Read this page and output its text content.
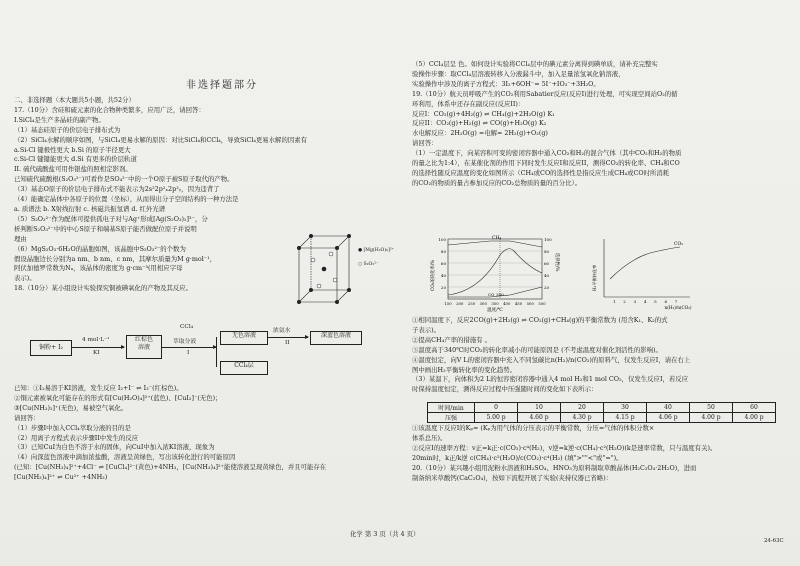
非选择题部分
二、非选择题（本大题共5小题，共52分）
17.（10分）含硅和硫元素的化合物种类繁多，应用广泛，请回答：
I.SiCl₄是生产多晶硅的副产物。
（1）基态硅原子的价层电子排布式为
（2）SiCl₄水解的顺序如图，与SiCl₄更易水解的原因：对比SiCl₄和CCl₄，导致SiCl₄更易水解的因素有
a.Si-Cl 键极性更大 b.Si 的原子半径更大
c.Si-Cl 键键能更大 d.Si 有更多的价层轨道
II. 硫代硫酸盐可用作银盐的照相定影剂。
已知硫代硫酸根(S₂O₃²⁻)可看作是SO₄²⁻中的一个O原子被S原子取代的产物。
（3）基态O原子的价层电子排布式不能表示为2s²2p²ₓ2p²ᵧ，因为违背了
（4）能确定晶体中各原子的位置（坐标），从而得出分子空间结构的一种方法是
a. 质谱法 b. X射线衍射 c. 核磁共振氢谱 d. 红外光谱
（5）S₂O₃²⁻作为配体可提供孤电子对与Ag⁺形成[Ag(S₂O₃)₂]³⁻，分
析判断S₂O₃²⁻中的中心S原子和端基S原子能否做配位原子并说明
理由
（6）MgS₂O₃·6H₂O的晶胞如图，该晶胞中S₂O₃²⁻的个数为
假设晶胞边长分别为a nm、b nm、c nm，其摩尔质量为M g·mol⁻¹，
阿伏加德罗常数为Nₐ，该晶体的密度为 g·cm⁻³(用相应字母
表示)。
18.（10分）某小组设计实验探究铜被碘氧化的产物及其反应。
● [Mg(H₂O)₆]²⁺
○ S₂O₃²⁻
铜粉+ I₂
4 mol·L⁻¹
KI
红棕色
溶液
CCl₄
萃取分液
I
无色溶液
CCl₄层
浓氨水
II
深蓝色溶液
已知：①I₂易溶于KI溶液，发生反应 I₂+I⁻ ⇌ I₃⁻(红棕色)。
②铜元素被氧化可能存在的形式有[Cu(H₂O)₄]²⁺(蓝色)、[CuI₂]⁻(无色)；
③[Cu(NH₃)₂]⁺(无色)，易被空气氧化。
请回答：
（1）步骤I中加入CCl₄萃取分液的目的是
（2）用离子方程式表示步骤II中发生的反应
（3）已知CuI为白色不溶于水的固体，向CuI中加入浓KI溶液，现象为
（4）向深蓝色溶液中滴加浓盐酸，溶液呈黄绿色，写出该转化进行的可能原因
(已知：[Cu(NH₃)₄]²⁺+4Cl⁻ ⇌ [CuCl₄]²⁻(黄色)+4NH₃，[Cu(NH₃)₄]²⁺能使溶液呈现黄绿色，并且可能存在
[Cu(NH₃)₄]²⁺ ⇌ Cu²⁺ +4NH₃)
（5）CCl₄层呈 色。如何设计实验将CCl₄层中的碘元素分离得到碘单质，请补充完整实
验操作步骤：取CCl₄层溶液转移入分液漏斗中，加入足量浓氢氧化钠溶液，
实验操作中涉及的离子方程式：3I₂+6OH⁻= 5I⁻+IO₃⁻+3H₂O。
19.（10分）航天员呼吸产生的CO₂利用Sabatier反应(反应I)进行处理，可实现空间站O₂的循
环利用，体系中还存在副反应(反应II)：
反应I：CO₂(g)+4H₂(g) ⇌ CH₄(g)+2H₂O(g) K₁
反应II：CO₂(g)+H₂(g) ⇌ CO(g)+H₂O(g) K₂
水电解反应：2H₂O(g) =电解= 2H₂(g)+O₂(g)
请回答：
（1）一定温度下，向某容积可变的密闭容器中通入CO₂和H₂的混合气体（其中CO₂和H₂的物质
的量之比为1:4），在某催化剂的作用下同时发生反应I和反应II，测得CO₂的转化率、CH₄和CO
的选择性随反应温度的变化如图所示（CH₄或CO的选择性是指反应生成CH₄或CO时所消耗
的CO₂的物质的量占参加反应的CO₂总物质的量的百分比）。
100
80
60
40
20
100
80
60
40
20
150 200 250 300 350 400 450 500 550
温度/℃
CO₂的转化率/%	选择性/%
CH₄
CO 340
1 2 3 4 5 6 7
n(H₂)/n(CO₂)
H₂平衡转化率
CO₂
①相同温度下，反应2CO(g)+2H₂(g) ⇌ CO₂(g)+CH₄(g)的平衡常数为 (用含K₁、K₂的式
子表示)。
②提高CH₄产率的措施有 。
③温度高于340℃时CO₂的转化率减小的可能原因是 (不考虑温度对催化剂活性的影响)。
④温度恒定，向V L的密闭容器中充入不同氢碳比n(H₂)/n(CO₂)的原料气，仅发生反应I，请在右上
图中画出H₂平衡转化率的变化趋势。
（3）某温下，向体积为2 L的恒容密闭容器中通入4 mol H₂和1 mol CO₂，仅发生反应I，若反应
时保持温度恒定，测得反应过程中压强随时间的变化如下表所示：
时间/min	0	10	20	30	40	50	60
压强	5.00 p	4.60 p	4.30 p	4.15 p	4.06 p	4.00 p	4.00 p
①该温度下反应I的Kₚ= (Kₚ为用气体的分压表示的平衡常数，分压=气体的体积分数×
体系总压)。
②反应I的速率方程：v正=k正·c(CO₂)·c⁴(H₂)，v逆=k逆·c(CH₄)·c²(H₂O)(k是速率常数，只与温度有关)。
20min时，k正/k逆 c(CH₄)·c²(H₂O)/c(CO₂)·c⁴(H₂) (填">""<"或"=")。
20.（10分）某兴趣小组用泥粉水溶液和H₂SO₄、HNO₃为原料制取草酸晶体(H₂C₂O₄·2H₂O)，进而
制备纳米草酸钙(CaC₂O₄)，按如下流程开展了实验(夹持仪器已省略)：
化学 第 3 页（共 4 页）
24-63C
